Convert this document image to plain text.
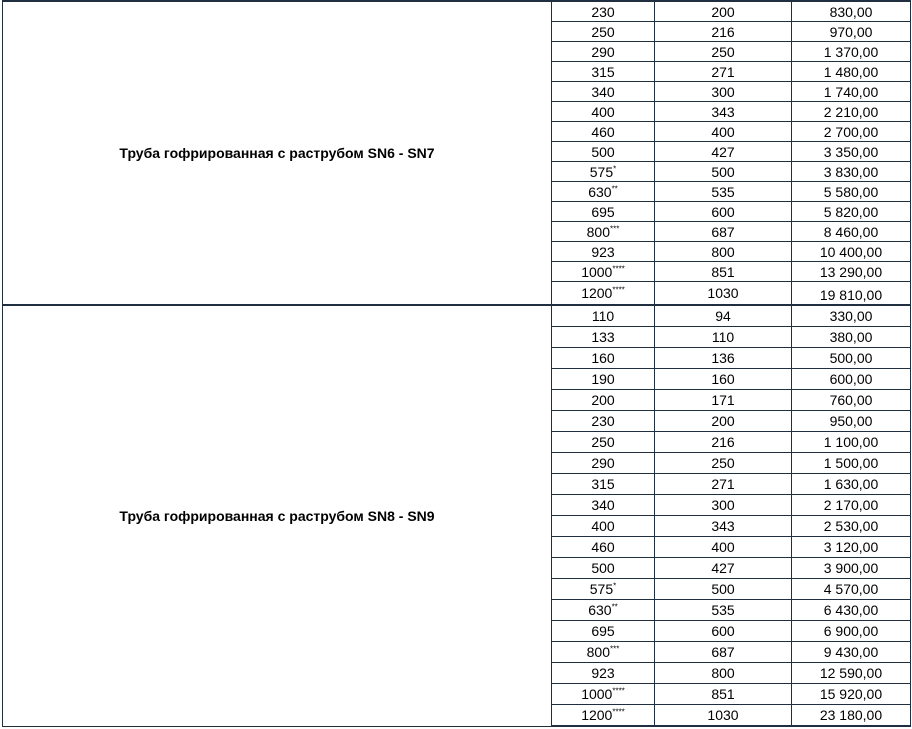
Труба гофрированная с раструбом SN6 - SN7	230	200	830,00
	250	216	970,00
	290	250	1 370,00
	315	271	1 480,00
	340	300	1 740,00
	400	343	2 210,00
	460	400	2 700,00
	500	427	3 350,00
	575*	500	3 830,00
	630**	535	5 580,00
	695	600	5 820,00
	800***	687	8 460,00
	923	800	10 400,00
	1000****	851	13 290,00
	1200****	1030	19 810,00
Труба гофрированная с раструбом SN8 - SN9	110	94	330,00
	133	110	380,00
	160	136	500,00
	190	160	600,00
	200	171	760,00
	230	200	950,00
	250	216	1 100,00
	290	250	1 500,00
	315	271	1 630,00
	340	300	2 170,00
	400	343	2 530,00
	460	400	3 120,00
	500	427	3 900,00
	575*	500	4 570,00
	630**	535	6 430,00
	695	600	6 900,00
	800***	687	9 430,00
	923	800	12 590,00
	1000****	851	15 920,00
	1200****	1030	23 180,00
